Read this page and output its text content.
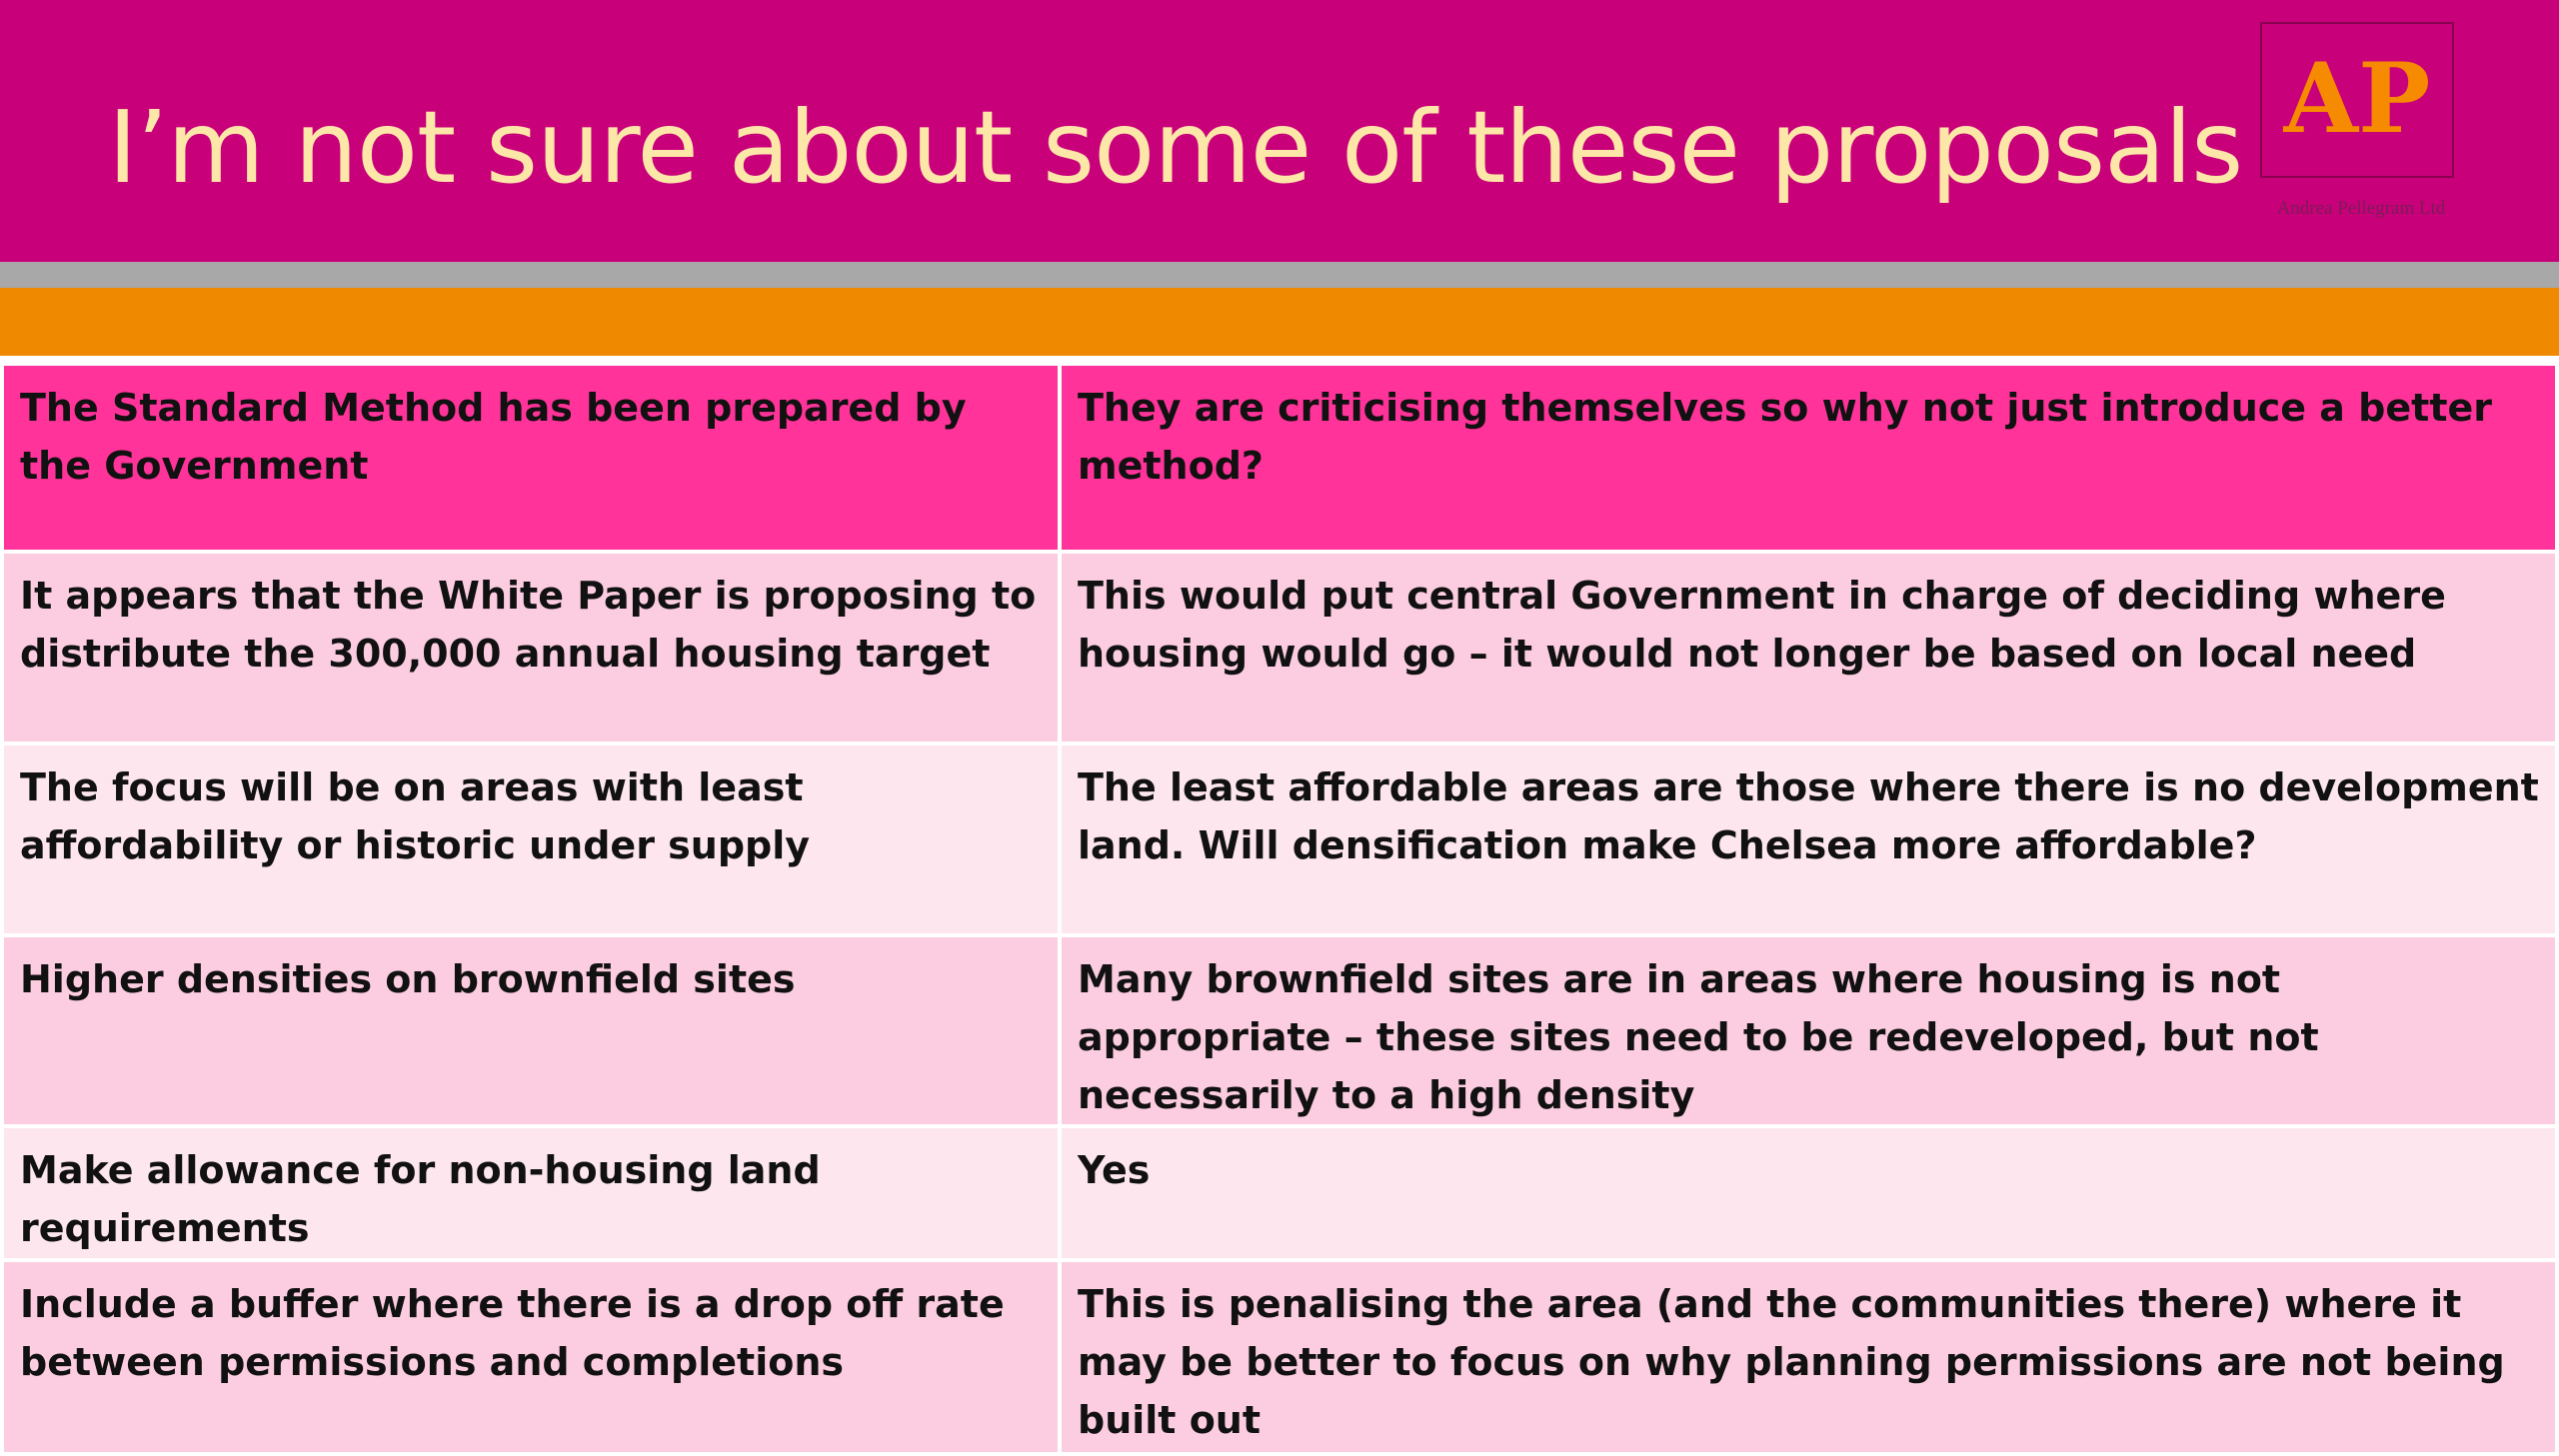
I’m not sure about some of these proposals AP
Andrea Pellegram Ltd
The Standard Method has been prepared by the Government	They are criticising themselves so why not just introduce a better method?
It appears that the White Paper is proposing to distribute the 300,000 annual housing target	This would put central Government in charge of deciding where housing would go – it would not longer be based on local need
The focus will be on areas with least affordability or historic under supply	The least affordable areas are those where there is no development land. Will densification make Chelsea more affordable?
Higher densities on brownfield sites	Many brownfield sites are in areas where housing is not appropriate – these sites need to be redeveloped, but not necessarily to a high density
Make allowance for non-housing land requirements	Yes
Include a buffer where there is a drop off rate between permissions and completions	This is penalising the area (and the communities there) where it may be better to focus on why planning permissions are not being built out
